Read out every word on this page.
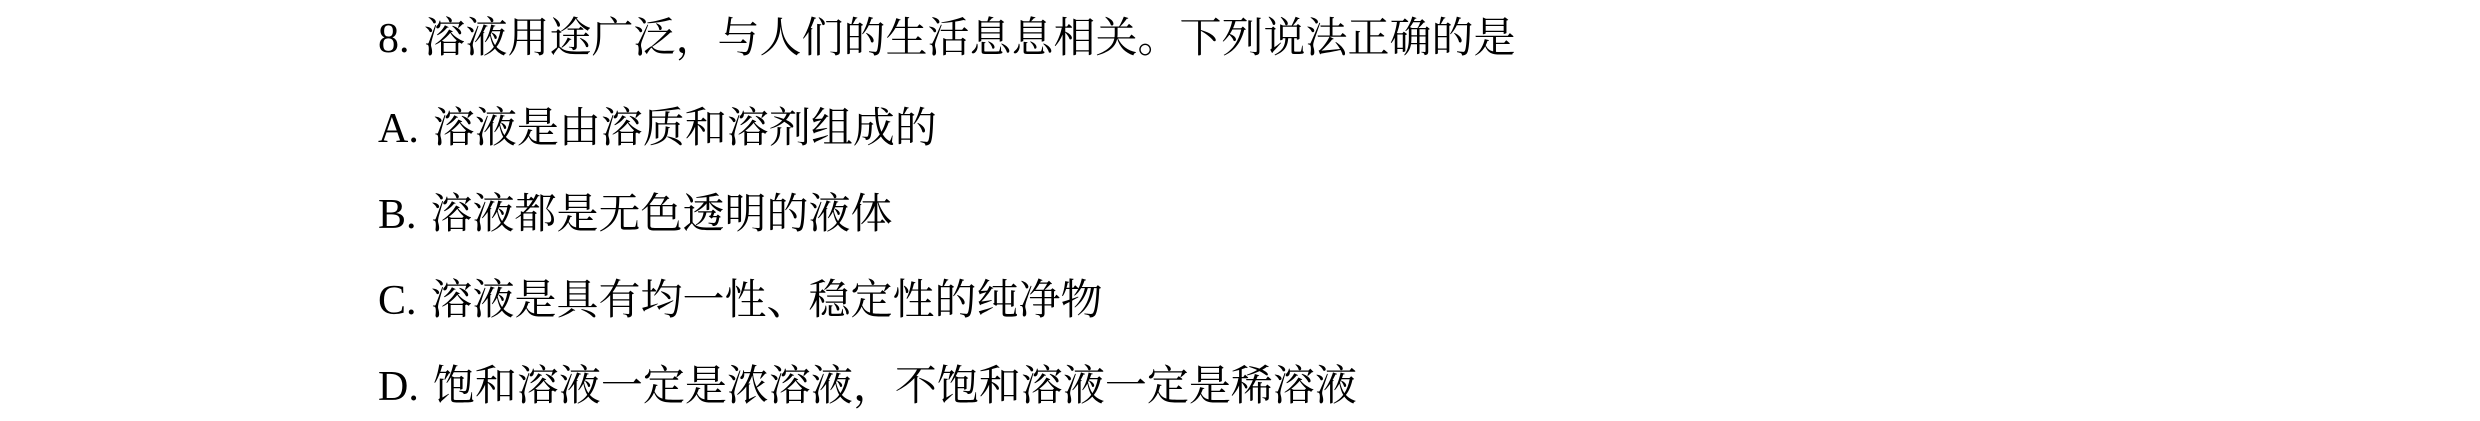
8. 溶液用途广泛，与人们的生活息息相关。下列说法正确的是
A. 溶液是由溶质和溶剂组成的
B. 溶液都是无色透明的液体
C. 溶液是具有均一性、稳定性的纯净物
D. 饱和溶液一定是浓溶液，不饱和溶液一定是稀溶液
